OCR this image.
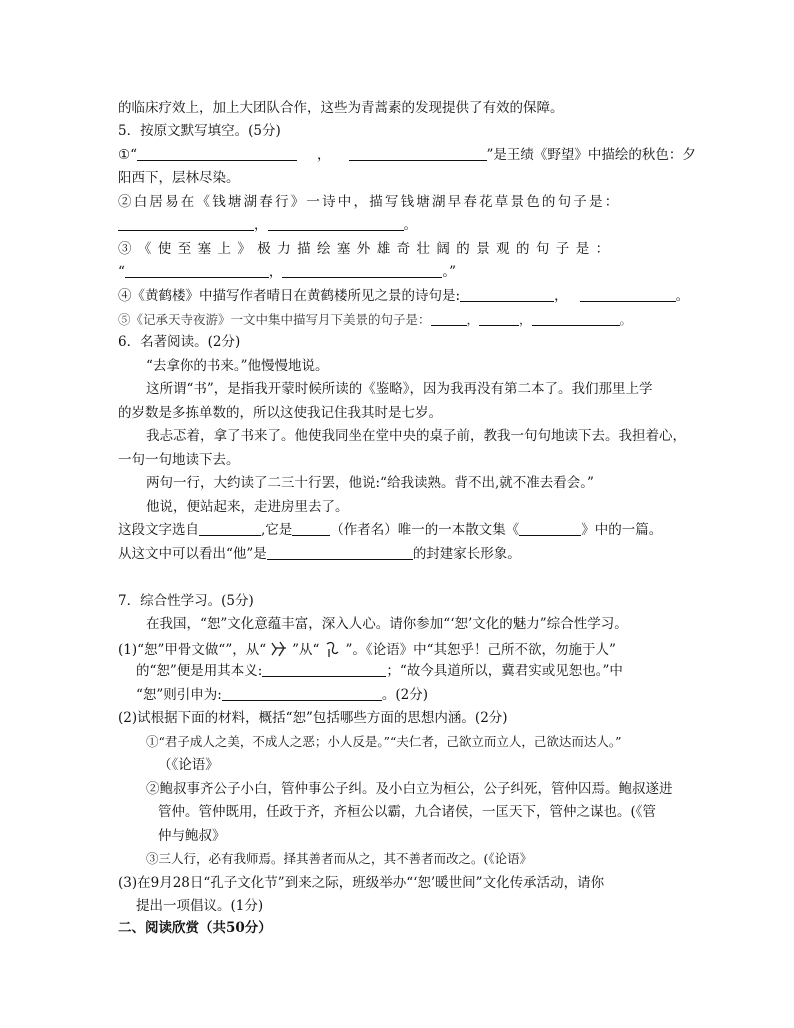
的临床疗效上，加上大团队合作，这些为青蒿素的发现提供了有效的保障。
5．按原文默写填空。(5分)
①“	，	”是王绩《野望》中描绘的秋色：夕
阳西下，层林尽染。
②白居易在《钱塘湖春行》一诗中，描写钱塘湖早春花草景色的句子是：
，	。
③《使至塞上》极力描绘塞外雄奇壮阔的景观的句子是：
“	，	。”
④《黄鹤楼》中描写作者晴日在黄鹤楼所见之景的诗句是:	，	。
⑤《记承天寺夜游》一文中集中描写月下美景的句子是：	，	，	。
6．名著阅读。(2分)
“去拿你的书来。”他慢慢地说。
这所谓“书”，是指我开蒙时候所读的《鉴略》，因为我再没有第二本了。我们那里上学
的岁数是多拣单数的，所以这使我记住我其时是七岁。
我忐忑着，拿了书来了。他使我同坐在堂中央的桌子前，教我一句句地读下去。我担着心，
一句一句地读下去。
两句一行，大约读了二三十行罢，他说:“给我读熟。背不出,就不准去看会。”
他说，便站起来，走进房里去了。
这段文字选自	,它是	（作者名）唯一的一本散文集《	》中的一篇。
从这文中可以看出“他”是	的封建家长形象。
7．综合性学习。(5分)
在我国，“恕”文化意蕴丰富，深入人心。请你参加“‘恕’文化的魅力”综合性学习。
(1)“恕”甲骨文做“”，从“ ”从“ ”。《论语》中“其恕乎！己所不欲，勿施于人”
的“恕”便是用其本义:	；“故今具道所以，冀君实或见恕也。”中
“恕”则引申为:	。(2分)
(2)试根据下面的材料，概括“恕”包括哪些方面的思想内涵。(2分)
①“君子成人之美，不成人之恶；小人反是。”“夫仁者，己欲立而立人，己欲达而达人。”
（《论语》
②鲍叔事齐公子小白，管仲事公子纠。及小白立为桓公，公子纠死，管仲囚焉。鲍叔遂进
管仲。管仲既用，任政于齐，齐桓公以霸，九合诸侯，一匡天下，管仲之谋也。(《管
仲与鲍叔》
③三人行，必有我师焉。择其善者而从之，其不善者而改之。(《论语》
(3)在9月28日“孔子文化节”到来之际，班级举办“‘恕’暖世间”文化传承活动，请你
提出一项倡议。(1分)
二、阅读欣赏（共50分）
